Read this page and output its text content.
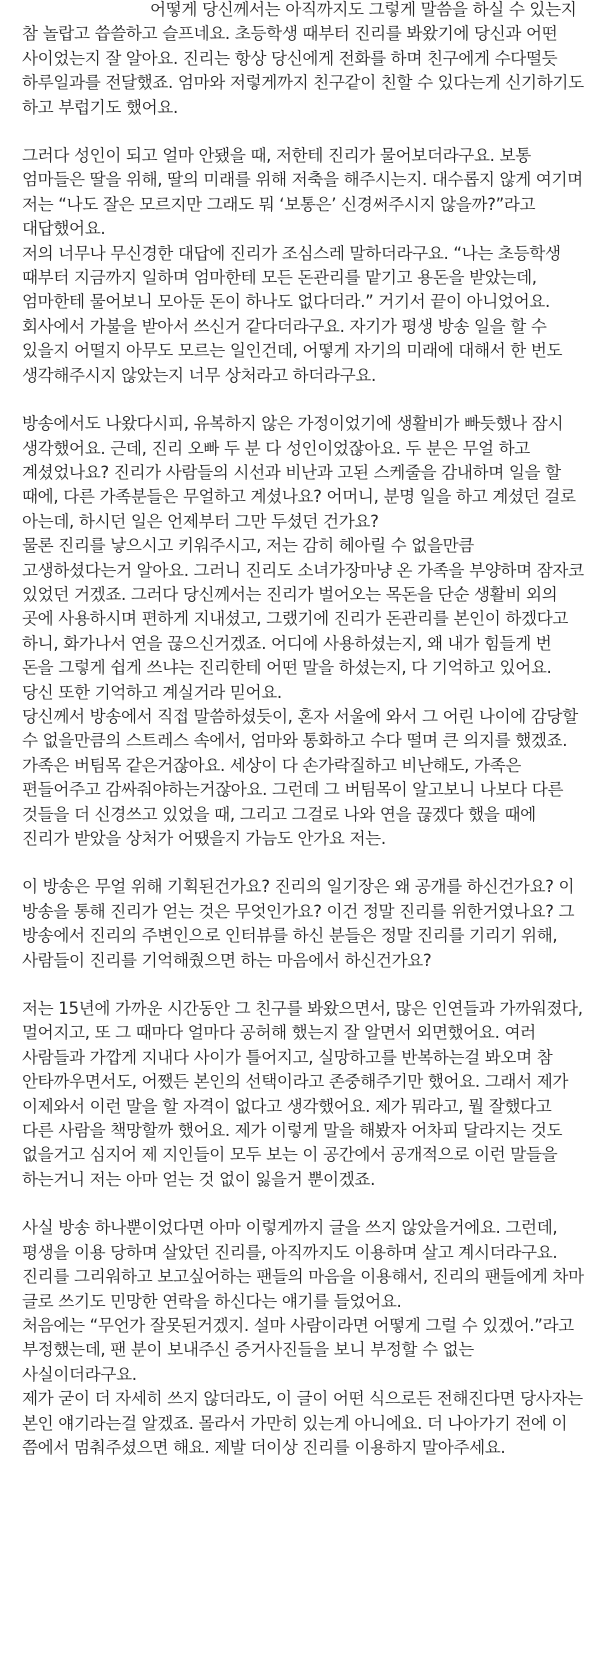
어떻게 당신께서는 아직까지도 그렇게 말씀을 하실 수 있는지 참 놀랍고 씁쓸하고 슬프네요. 초등학생 때부터 진리를 봐왔기에 당신과 어떤 사이었는지 잘 알아요. 진리는 항상 당신에게 전화를 하며 친구에게 수다떨듯 하루일과를 전달했죠. 엄마와 저렇게까지 친구같이 친할 수 있다는게 신기하기도 하고 부럽기도 했어요.

그러다 성인이 되고 얼마 안됐을 때, 저한테 진리가 물어보더라구요. 보통 엄마들은 딸을 위해, 딸의 미래를 위해 저축을 해주시는지. 대수롭지 않게 여기며 저는 “나도 잘은 모르지만 그래도 뭐 ‘보통은’ 신경써주시지 않을까?”라고 대답했어요.

저의 너무나 무신경한 대답에 진리가 조심스레 말하더라구요. “나는 초등학생 때부터 지금까지 일하며 엄마한테 모든 돈관리를 맡기고 용돈을 받았는데, 엄마한테 물어보니 모아둔 돈이 하나도 없다더라.” 거기서 끝이 아니었어요. 회사에서 가불을 받아서 쓰신거 같다더라구요. 자기가 평생 방송 일을 할 수 있을지 어떨지 아무도 모르는 일인건데, 어떻게 자기의 미래에 대해서 한 번도 생각해주시지 않았는지 너무 상처라고 하더라구요.

방송에서도 나왔다시피, 유복하지 않은 가정이었기에 생활비가 빠듯했나 잠시 생각했어요. 근데, 진리 오빠 두 분 다 성인이었잖아요. 두 분은 무얼 하고 계셨었나요? 진리가 사람들의 시선과 비난과 고된 스케줄을 감내하며 일을 할 때에, 다른 가족분들은 무얼하고 계셨나요? 어머니, 분명 일을 하고 계셨던 걸로 아는데, 하시던 일은 언제부터 그만 두셨던 건가요?

물론 진리를 낳으시고 키워주시고, 저는 감히 헤아릴 수 없을만큼 고생하셨다는거 알아요. 그러니 진리도 소녀가장마냥 온 가족을 부양하며 잠자코 있었던 거겠죠. 그러다 당신께서는 진리가 벌어오는 목돈을 단순 생활비 외의 곳에 사용하시며 편하게 지내셨고, 그랬기에 진리가 돈관리를 본인이 하겠다고 하니, 화가나서 연을 끊으신거겠죠. 어디에 사용하셨는지, 왜 내가 힘들게 번 돈을 그렇게 쉽게 쓰냐는 진리한테 어떤 말을 하셨는지, 다 기억하고 있어요. 당신 또한 기억하고 계실거라 믿어요.

당신께서 방송에서 직접 말씀하셨듯이, 혼자 서울에 와서 그 어린 나이에 감당할 수 없을만큼의 스트레스 속에서, 엄마와 통화하고 수다 떨며 큰 의지를 했겠죠. 가족은 버팀목 같은거잖아요. 세상이 다 손가락질하고 비난해도, 가족은 편들어주고 감싸줘야하는거잖아요. 그런데 그 버팀목이 알고보니 나보다 다른 것들을 더 신경쓰고 있었을 때, 그리고 그걸로 나와 연을 끊겠다 했을 때에 진리가 받았을 상처가 어땠을지 가늠도 안가요 저는.

이 방송은 무얼 위해 기획된건가요? 진리의 일기장은 왜 공개를 하신건가요? 이 방송을 통해 진리가 얻는 것은 무엇인가요? 이건 정말 진리를 위한거였나요? 그 방송에서 진리의 주변인으로 인터뷰를 하신 분들은 정말 진리를 기리기 위해, 사람들이 진리를 기억해줬으면 하는 마음에서 하신건가요?

저는 15년에 가까운 시간동안 그 친구를 봐왔으면서, 많은 인연들과 가까워졌다, 멀어지고, 또 그 때마다 얼마다 공허해 했는지 잘 알면서 외면했어요. 여러 사람들과 가깝게 지내다 사이가 틀어지고, 실망하고를 반복하는걸 봐오며 참 안타까우면서도, 어쨌든 본인의 선택이라고 존중해주기만 했어요. 그래서 제가 이제와서 이런 말을 할 자격이 없다고 생각했어요. 제가 뭐라고, 뭘 잘했다고 다른 사람을 책망할까 했어요. 제가 이렇게 말을 해봤자 어차피 달라지는 것도 없을거고 심지어 제 지인들이 모두 보는 이 공간에서 공개적으로 이런 말들을 하는거니 저는 아마 얻는 것 없이 잃을거 뿐이겠죠.

사실 방송 하나뿐이었다면 아마 이렇게까지 글을 쓰지 않았을거에요. 그런데, 평생을 이용 당하며 살았던 진리를, 아직까지도 이용하며 살고 계시더라구요. 진리를 그리워하고 보고싶어하는 팬들의 마음을 이용해서, 진리의 팬들에게 차마 글로 쓰기도 민망한 연락을 하신다는 얘기를 들었어요.

처음에는 “무언가 잘못된거겠지. 설마 사람이라면 어떻게 그럴 수 있겠어.”라고 부정했는데, 팬 분이 보내주신 증거사진들을 보니 부정할 수 없는 사실이더라구요.

제가 굳이 더 자세히 쓰지 않더라도, 이 글이 어떤 식으로든 전해진다면 당사자는 본인 얘기라는걸 알겠죠. 몰라서 가만히 있는게 아니에요. 더 나아가기 전에 이 쯤에서 멈춰주셨으면 해요. 제발 더이상 진리를 이용하지 말아주세요.
